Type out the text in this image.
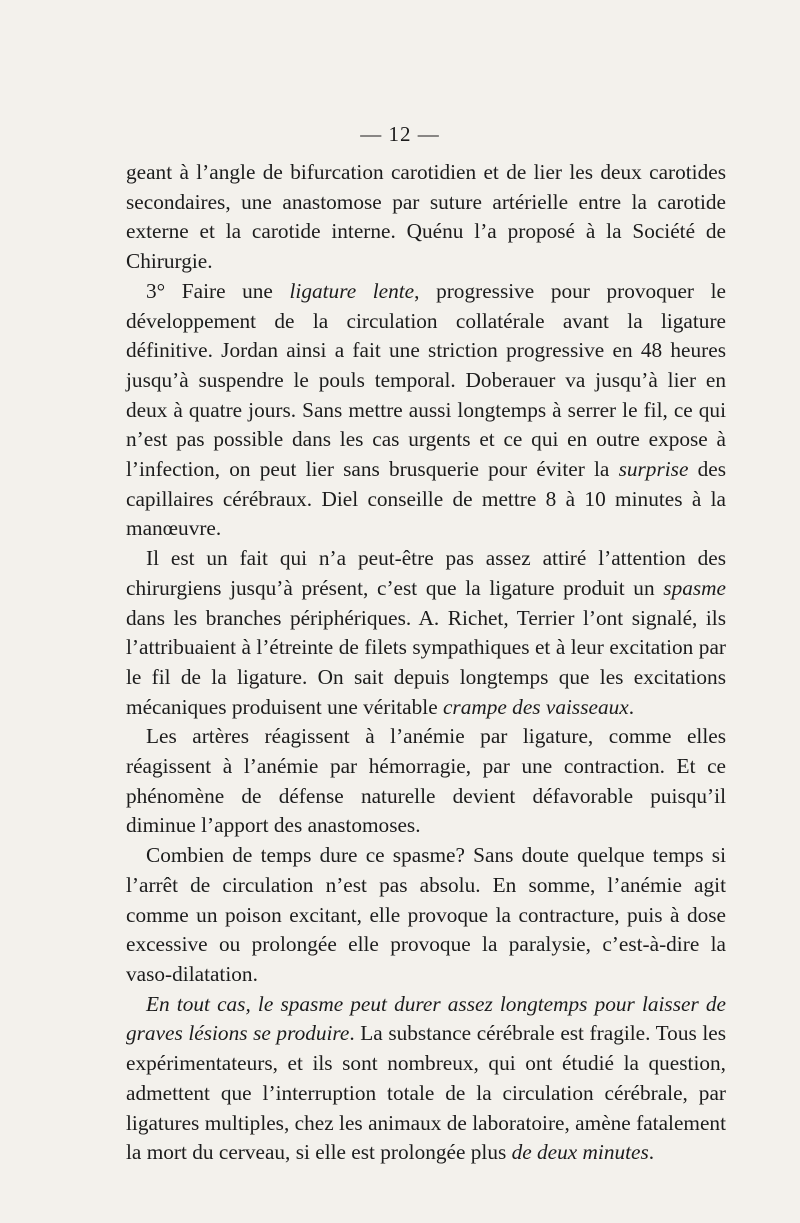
— 12 —

geant à l’angle de bifurcation carotidien et de lier les deux carotides secondaires, une anastomose par suture artérielle entre la carotide externe et la carotide interne. Quénu l’a proposé à la Société de Chirurgie.

3° Faire une ligature lente, progressive pour provoquer le développement de la circulation collatérale avant la ligature définitive. Jordan ainsi a fait une striction progressive en 48 heures jusqu’à suspendre le pouls temporal. Doberauer va jusqu’à lier en deux à quatre jours. Sans mettre aussi longtemps à serrer le fil, ce qui n’est pas possible dans les cas urgents et ce qui en outre expose à l’infection, on peut lier sans brusquerie pour éviter la surprise des capillaires cérébraux. Diel conseille de mettre 8 à 10 minutes à la manœuvre.

Il est un fait qui n’a peut-être pas assez attiré l’attention des chirurgiens jusqu’à présent, c’est que la ligature produit un spasme dans les branches périphériques. A. Richet, Terrier l’ont signalé, ils l’attribuaient à l’étreinte de filets sympathiques et à leur excitation par le fil de la ligature. On sait depuis longtemps que les excitations mécaniques produisent une véritable crampe des vaisseaux.

Les artères réagissent à l’anémie par ligature, comme elles réagissent à l’anémie par hémorragie, par une contraction. Et ce phénomène de défense naturelle devient défavorable puisqu’il diminue l’apport des anastomoses.

Combien de temps dure ce spasme? Sans doute quelque temps si l’arrêt de circulation n’est pas absolu. En somme, l’anémie agit comme un poison excitant, elle provoque la contracture, puis à dose excessive ou prolongée elle provoque la paralysie, c’est-à-dire la vaso-dilatation.

En tout cas, le spasme peut durer assez longtemps pour laisser de graves lésions se produire. La substance cérébrale est fragile. Tous les expérimentateurs, et ils sont nombreux, qui ont étudié la question, admettent que l’interruption totale de la circulation cérébrale, par ligatures multiples, chez les animaux de laboratoire, amène fatalement la mort du cerveau, si elle est prolongée plus de deux minutes.
